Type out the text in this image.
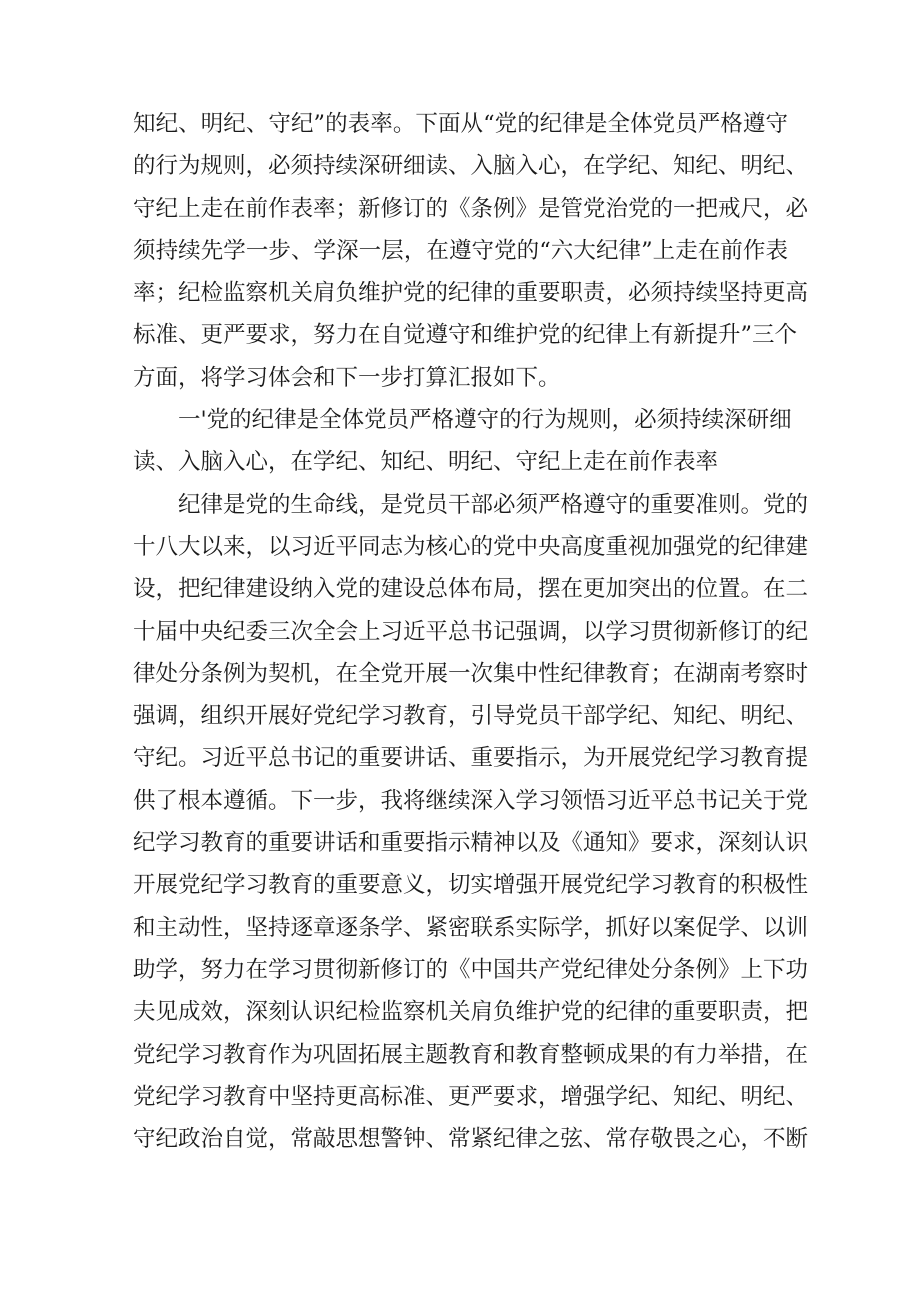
知纪、明纪、守纪”的表率。下面从“党的纪律是全体党员严格遵守
的行为规则，必须持续深研细读、入脑入心，在学纪、知纪、明纪、
守纪上走在前作表率；新修订的《条例》是管党治党的一把戒尺，必
须持续先学一步、学深一层，在遵守党的“六大纪律”上走在前作表
率；纪检监察机关肩负维护党的纪律的重要职责，必须持续坚持更高
标准、更严要求，努力在自觉遵守和维护党的纪律上有新提升”三个
方面，将学习体会和下一步打算汇报如下。
一'党的纪律是全体党员严格遵守的行为规则，必须持续深研细
读、入脑入心，在学纪、知纪、明纪、守纪上走在前作表率
纪律是党的生命线，是党员干部必须严格遵守的重要准则。党的
十八大以来，以习近平同志为核心的党中央高度重视加强党的纪律建
设，把纪律建设纳入党的建设总体布局，摆在更加突出的位置。在二
十届中央纪委三次全会上习近平总书记强调，以学习贯彻新修订的纪
律处分条例为契机，在全党开展一次集中性纪律教育；在湖南考察时
强调，组织开展好党纪学习教育，引导党员干部学纪、知纪、明纪、
守纪。习近平总书记的重要讲话、重要指示，为开展党纪学习教育提
供了根本遵循。下一步，我将继续深入学习领悟习近平总书记关于党
纪学习教育的重要讲话和重要指示精神以及《通知》要求，深刻认识
开展党纪学习教育的重要意义，切实增强开展党纪学习教育的积极性
和主动性，坚持逐章逐条学、紧密联系实际学，抓好以案促学、以训
助学，努力在学习贯彻新修订的《中国共产党纪律处分条例》上下功
夫见成效，深刻认识纪检监察机关肩负维护党的纪律的重要职责，把
党纪学习教育作为巩固拓展主题教育和教育整顿成果的有力举措，在
党纪学习教育中坚持更高标准、更严要求，增强学纪、知纪、明纪、
守纪政治自觉，常敲思想警钟、常紧纪律之弦、常存敬畏之心，不断
